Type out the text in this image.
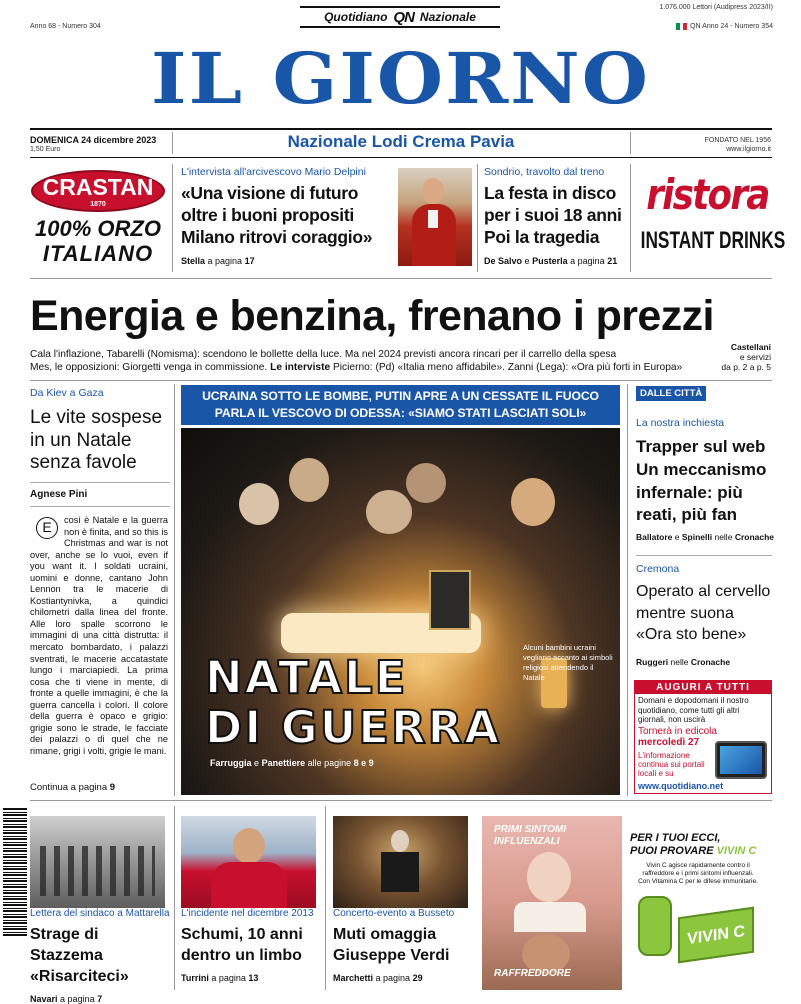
Quotidiano QN Nazionale
1.076.000 Lettori (Audipress 2023/II)
Anno 68 - Numero 304	QN Anno 24 - Numero 354
IL GIORNO
DOMENICA 24 dicembre 2023
1,50 Euro	Nazionale Lodi Crema Pavia	FONDATO NEL 1956
www.ilgiorno.it
CRASTAN
1870
100% ORZO
ITALIANO
L'intervista all'arcivescovo Mario Delpini
«Una visione di futuro oltre i buoni propositi Milano ritrovi coraggio»
Stella a pagina 17
Sondrio, travolto dal treno
La festa in disco per i suoi 18 anni Poi la tragedia
De Salvo e Pusterla a pagina 21
ristora
INSTANT DRINKS
Energia e benzina, frenano i prezzi
Cala l'inflazione, Tabarelli (Nomisma): scendono le bollette della luce. Ma nel 2024 previsti ancora rincari per il carrello della spesa
Mes, le opposizioni: Giorgetti venga in commissione. Le interviste Picierno: (Pd) «Italia meno affidabile». Zanni (Lega): «Ora più forti in Europa»
Castellani
e servizi
da p. 2 a p. 5
Da Kiev a Gaza
Le vite sospese in un Natale senza favole
Agnese Pini
E	così è Natale e la guerra non è finita, and so this is Christmas and war is not over, anche se lo vuoi, even if you want it. I soldati ucraini, uomini e donne, cantano John Lennon tra le macerie di Kostiantynivka, a quindici chilometri dalla linea del fronte. Alle loro spalle scorrono le immagini di una città distrutta: il mercato bombardato, i palazzi sventrati, le macerie accatastate lungo i marciapiedi. La prima cosa che ti viene in mente, di fronte a quelle immagini, è che la guerra cancella i colori. Il colore della guerra è opaco e grigio: grigie sono le strade, le facciate dei palazzi o di quel che ne rimane, grigi i volti, grigie le mani.
Continua a pagina 9
UCRAINA SOTTO LE BOMBE, PUTIN APRE A UN CESSATE IL FUOCO
PARLA IL VESCOVO DI ODESSA: «SIAMO STATI LASCIATI SOLI»
NATALE
DI GUERRA
Alcuni bambini ucraini vegliano accanto ai simboli religiosi attendendo il Natale
Farruggia e Panettiere alle pagine 8 e 9
DALLE CITTÀ
La nostra inchiesta
Trapper sul web Un meccanismo infernale: più reati, più fan
Ballatore e Spinelli nelle Cronache
Cremona
Operato al cervello mentre suona «Ora sto bene»
Ruggeri nelle Cronache
AUGURI A TUTTI
Domani e dopodomani il nostro quotidiano, come tutti gli altri giornali, non uscirà
Tornerà in edicola
mercoledì 27
L'informazione continua sui portali locali e su
www.quotidiano.net
Lettera del sindaco a Mattarella
Strage di Stazzema «Risarciteci»
Navari a pagina 7
L'incidente nel dicembre 2013
Schumi, 10 anni dentro un limbo
Turrini a pagina 13
Concerto-evento a Busseto
Muti omaggia Giuseppe Verdi
Marchetti a pagina 29
PRIMI SINTOMI INFLUENZALI
RAFFREDDORE
PER I TUOI ECCI,
PUOI PROVARE VIVIN C
Vivin C agisce rapidamente contro il raffreddore e i primi sintomi influenzali. Con Vitamina C per le difese immunitarie.
VIVIN C
